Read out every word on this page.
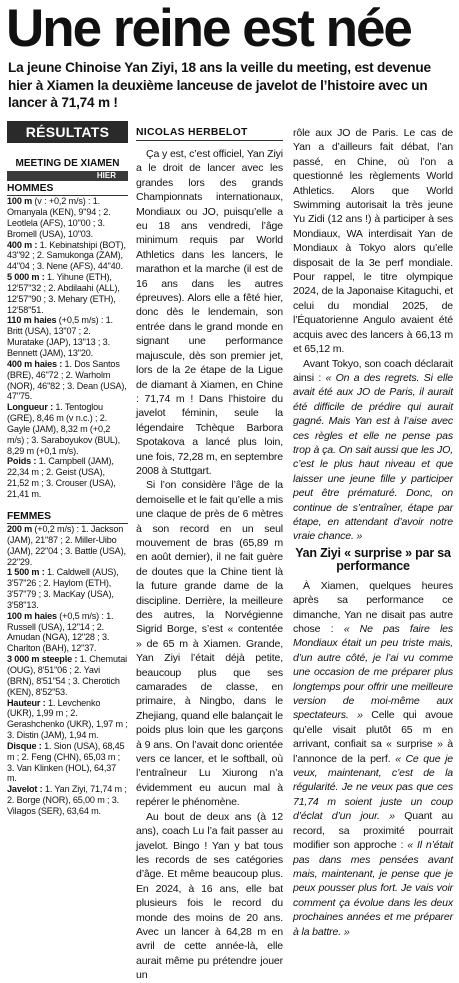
Une reine est née
La jeune Chinoise Yan Ziyi, 18 ans la veille du meeting, est devenue hier à Xiamen la deuxième lanceuse de javelot de l’histoire avec un lancer à 71,74 m !
RÉSULTATS
MEETING DE XIAMEN
HIER
HOMMES
100 m (v : +0,2 m/s) : 1. Omanyala (KEN), 9"94 ; 2. Leotlela (AFS), 10"00 ; 3. Bromell (USA), 10"03.
400 m : 1. Kebinatshipi (BOT), 43"92 ; 2. Samukonga (ZAM), 44"04 ; 3. Nene (AFS), 44"40.
5 000 m : 1. Yihune (ETH), 12'57"32 ; 2. Abdilaahi (ALL), 12'57"90 ; 3. Mehary (ETH), 12'58"51.
110 m haies (+0,5 m/s) : 1. Britt (USA), 13"07 ; 2. Muratake (JAP), 13"13 ; 3. Bennett (JAM), 13"20.
400 m haies : 1. Dos Santos (BRE), 46"72 ; 2. Warholm (NOR), 46"82 ; 3. Dean (USA), 47"75.
Longueur : 1. Tentoglou (GRE), 8,46 m (v n.c.) ; 2. Gayle (JAM), 8,32 m (+0,2 m/s) ; 3. Saraboyukov (BUL), 8,29 m (+0,1 m/s).
Poids : 1. Campbell (JAM), 22,34 m ; 2. Geist (USA), 21,52 m ; 3. Crouser (USA), 21,41 m.
FEMMES
200 m (+0,2 m/s) : 1. Jackson (JAM), 21"87 ; 2. Miller-Uibo (JAM), 22"04 ; 3. Battle (USA), 22"29.
1 500 m : 1. Caldwell (AUS), 3'57"26 ; 2. Haylom (ETH), 3'57"79 ; 3. MacKay (USA), 3'58"13.
100 m haies (+0,5 m/s) : 1. Russell (USA), 12"14 ; 2. Amudan (NGA), 12"28 ; 3. Charlton (BAH), 12"37.
3 000 m steeple : 1. Chemutai (OUG), 8'51"06 ; 2. Yavi (BRN), 8'51"54 ; 3. Cherotich (KEN), 8'52"53.
Hauteur : 1. Levchenko (UKR), 1,99 m ; 2. Gerashchenko (UKR), 1,97 m ; 3. Distin (JAM), 1,94 m.
Disque : 1. Sion (USA), 68,45 m ; 2. Feng (CHN), 65,03 m ; 3. Van Klinken (HOL), 64,37 m.
Javelot : 1. Yan Ziyi, 71,74 m ; 2. Borge (NOR), 65,00 m ; 3. Vilagos (SER), 63,64 m.
NICOLAS HERBELOT

Ça y est, c’est officiel, Yan Ziyi a le droit de lancer avec les grandes lors des grands Championnats internationaux, Mondiaux ou JO, puisqu’elle a eu 18 ans vendredi, l’âge minimum requis par World Athletics dans les lancers, le marathon et la marche (il est de 16 ans dans les autres épreuves). Alors elle a fêté hier, donc dès le lendemain, son entrée dans le grand monde en signant une performance majuscule, dès son premier jet, lors de la 2e étape de la Ligue de diamant à Xiamen, en Chine : 71,74 m ! Dans l’histoire du javelot féminin, seule la légendaire Tchèque Barbora Spotakova a lancé plus loin, une fois, 72,28 m, en septembre 2008 à Stuttgart.

Si l’on considère l’âge de la demoiselle et le fait qu’elle a mis une claque de près de 6 mètres à son record en un seul mouvement de bras (65,89 m en août dernier), il ne fait guère de doutes que la Chine tient là la future grande dame de la discipline. Derrière, la meilleure des autres, la Norvégienne Sigrid Borge, s’est « contentée » de 65 m à Xiamen. Grande, Yan Ziyi l’était déjà petite, beaucoup plus que ses camarades de classe, en primaire, à Ningbo, dans le Zhejiang, quand elle balançait le poids plus loin que les garçons à 9 ans. On l’avait donc orientée vers ce lancer, et le softball, où l’entraîneur Lu Xiurong n’a évidemment eu aucun mal à repérer le phénomène.

Au bout de deux ans (à 12 ans), coach Lu l’a fait passer au javelot. Bingo ! Yan y bat tous les records de ses catégories d’âge. Et même beaucoup plus. En 2024, à 16 ans, elle bat plusieurs fois le record du monde des moins de 20 ans. Avec un lancer à 64,28 m en avril de cette année-là, elle aurait même pu prétendre jouer un

rôle aux JO de Paris. Le cas de Yan a d’ailleurs fait débat, l’an passé, en Chine, où l’on a questionné les règlements World Athletics. Alors que World Swimming autorisait la très jeune Yu Zidi (12 ans !) à participer à ses Mondiaux, WA interdisait Yan de Mondiaux à Tokyo alors qu’elle disposait de la 3e perf mondiale. Pour rappel, le titre olympique 2024, de la Japonaise Kitaguchi, et celui du mondial 2025, de l’Équatorienne Angulo avaient été acquis avec des lancers à 66,13 m et 65,12 m.

Avant Tokyo, son coach déclarait ainsi : « On a des regrets. Si elle avait été aux JO de Paris, il aurait été difficile de prédire qui aurait gagné. Mais Yan est à l’aise avec ces règles et elle ne pense pas trop à ça. On sait aussi que les JO, c’est le plus haut niveau et que laisser une jeune fille y participer peut être prématuré. Donc, on continue de s’entraîner, étape par étape, en attendant d’avoir notre vraie chance. »

Yan Ziyi « surprise » par sa performance

À Xiamen, quelques heures après sa performance ce dimanche, Yan ne disait pas autre chose : « Ne pas faire les Mondiaux était un peu triste mais, d’un autre côté, je l’ai vu comme une occasion de me préparer plus longtemps pour offrir une meilleure version de moi-même aux spectateurs. » Celle qui avoue qu’elle visait plutôt 65 m en arrivant, confiait sa « surprise » à l’annonce de la perf. « Ce que je veux, maintenant, c’est de la régularité. Je ne veux pas que ces 71,74 m soient juste un coup d’éclat d’un jour. » Quant au record, sa proximité pourrait modifier son approche : « Il n’était pas dans mes pensées avant mais, maintenant, je pense que je peux pousser plus fort. Je vais voir comment ça évolue dans les deux prochaines années et me préparer à la battre. »
